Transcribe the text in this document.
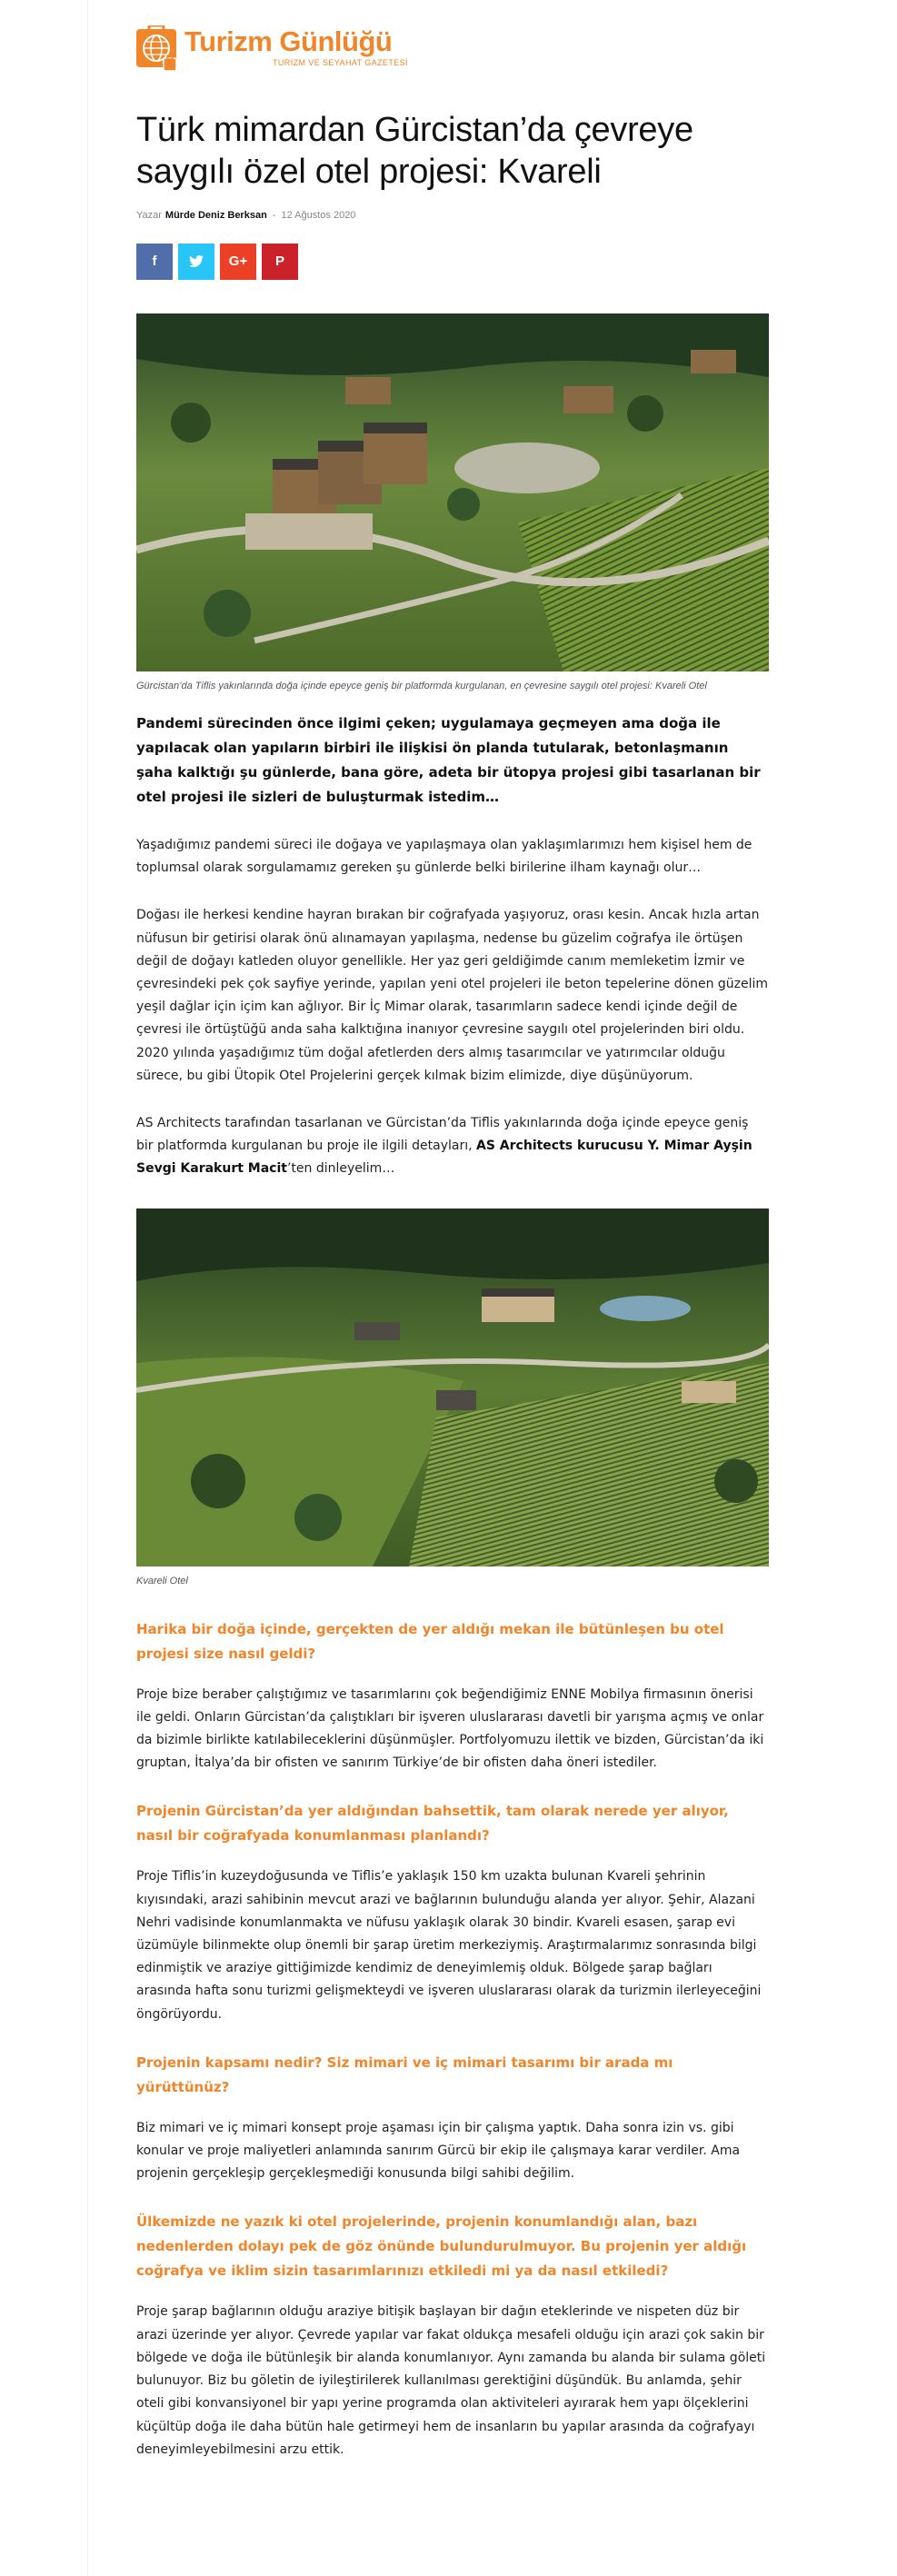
Turizm Günlüğü
TURİZM VE SEYAHAT GAZETESİ
Türk mimardan Gürcistan’da çevreye saygılı özel otel projesi: Kvareli
Yazar Mürde Deniz Berksan - 12 Ağustos 2020
f	G+ P
Gürcistan’da Tiflis yakınlarında doğa içinde epeyce geniş bir platformda kurgulanan, en çevresine saygılı otel projesi: Kvareli Otel

Pandemi sürecinden önce ilgimi çeken; uygulamaya geçmeyen ama doğa ile yapılacak olan yapıların birbiri ile ilişkisi ön planda tutularak, betonlaşmanın şaha kalktığı şu günlerde, bana göre, adeta bir ütopya projesi gibi tasarlanan bir otel projesi ile sizleri de buluşturmak istedim…

Yaşadığımız pandemi süreci ile doğaya ve yapılaşmaya olan yaklaşımlarımızı hem kişisel hem de toplumsal olarak sorgulamamız gereken şu günlerde belki birilerine ilham kaynağı olur…

Doğası ile herkesi kendine hayran bırakan bir coğrafyada yaşıyoruz, orası kesin. Ancak hızla artan nüfusun bir getirisi olarak önü alınamayan yapılaşma, nedense bu güzelim coğrafya ile örtüşen değil de doğayı katleden oluyor genellikle. Her yaz geri geldiğimde canım memleketim İzmir ve çevresindeki pek çok sayfiye yerinde, yapılan yeni otel projeleri ile beton tepelerine dönen güzelim yeşil dağlar için içim kan ağlıyor. Bir İç Mimar olarak, tasarımların sadece kendi içinde değil de çevresi ile örtüştüğü anda saha kalktığına inanıyor çevresine saygılı otel projelerinden biri oldu. 2020 yılında yaşadığımız tüm doğal afetlerden ders almış tasarımcılar ve yatırımcılar olduğu sürece, bu gibi Ütopik Otel Projelerini gerçek kılmak bizim elimizde, diye düşünüyorum.

AS Architects tarafından tasarlanan ve Gürcistan’da Tiflis yakınlarında doğa içinde epeyce geniş bir platformda kurgulanan bu proje ile ilgili detayları, AS Architects kurucusu Y. Mimar Ayşin Sevgi Karakurt Macit’ten dinleyelim…

Kvareli Otel

Harika bir doğa içinde, gerçekten de yer aldığı mekan ile bütünleşen bu otel projesi size nasıl geldi?

Proje bize beraber çalıştığımız ve tasarımlarını çok beğendiğimiz ENNE Mobilya firmasının önerisi ile geldi. Onların Gürcistan’da çalıştıkları bir işveren uluslararası davetli bir yarışma açmış ve onlar da bizimle birlikte katılabileceklerini düşünmüşler. Portfolyomuzu ilettik ve bizden, Gürcistan’da iki gruptan, İtalya’da bir ofisten ve sanırım Türkiye’de bir ofisten daha öneri istediler.

Projenin Gürcistan’da yer aldığından bahsettik, tam olarak nerede yer alıyor, nasıl bir coğrafyada konumlanması planlandı?

Proje Tiflis’in kuzeydoğusunda ve Tiflis’e yaklaşık 150 km uzakta bulunan Kvareli şehrinin kıyısındaki, arazi sahibinin mevcut arazi ve bağlarının bulunduğu alanda yer alıyor. Şehir, Alazani Nehri vadisinde konumlanmakta ve nüfusu yaklaşık olarak 30 bindir. Kvareli esasen, şarap evi üzümüyle bilinmekte olup önemli bir şarap üretim merkeziymiş. Araştırmalarımız sonrasında bilgi edinmiştik ve araziye gittiğimizde kendimiz de deneyimlemiş olduk. Bölgede şarap bağları arasında hafta sonu turizmi gelişmekteydi ve işveren uluslararası olarak da turizmin ilerleyeceğini öngörüyordu.

Projenin kapsamı nedir? Siz mimari ve iç mimari tasarımı bir arada mı yürüttünüz?

Biz mimari ve iç mimari konsept proje aşaması için bir çalışma yaptık. Daha sonra izin vs. gibi konular ve proje maliyetleri anlamında sanırım Gürcü bir ekip ile çalışmaya karar verdiler. Ama projenin gerçekleşip gerçekleşmediği konusunda bilgi sahibi değilim.

Ülkemizde ne yazık ki otel projelerinde, projenin konumlandığı alan, bazı nedenlerden dolayı pek de göz önünde bulundurulmuyor. Bu projenin yer aldığı coğrafya ve iklim sizin tasarımlarınızı etkiledi mi ya da nasıl etkiledi?

Proje şarap bağlarının olduğu araziye bitişik başlayan bir dağın eteklerinde ve nispeten düz bir arazi üzerinde yer alıyor. Çevrede yapılar var fakat oldukça mesafeli olduğu için arazi çok sakin bir bölgede ve doğa ile bütünleşik bir alanda konumlanıyor. Aynı zamanda bu alanda bir sulama göleti bulunuyor. Biz bu göletin de iyileştirilerek kullanılması gerektiğini düşündük. Bu anlamda, şehir oteli gibi konvansiyonel bir yapı yerine programda olan aktiviteleri ayırarak hem yapı ölçeklerini küçültüp doğa ile daha bütün hale getirmeyi hem de insanların bu yapılar arasında da coğrafyayı deneyimleyebilmesini arzu ettik.
